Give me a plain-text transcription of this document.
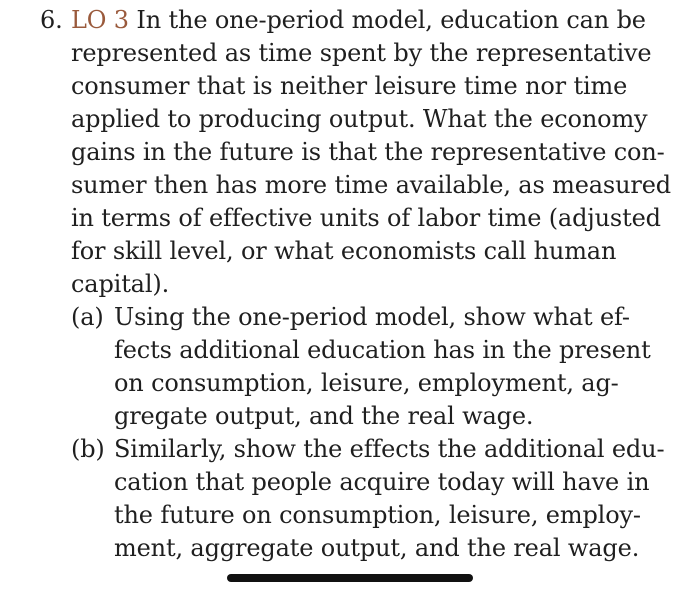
6. LO 3 In the one-period model, education can be
represented as time spent by the representative
consumer that is neither leisure time nor time
applied to producing output. What the economy
gains in the future is that the representative con-
sumer then has more time available, as measured
in terms of effective units of labor time (adjusted
for skill level, or what economists call human
capital).
(a) Using the one-period model, show what ef-
fects additional education has in the present
on consumption, leisure, employment, ag-
gregate output, and the real wage.
(b) Similarly, show the effects the additional edu-
cation that people acquire today will have in
the future on consumption, leisure, employ-
ment, aggregate output, and the real wage.
